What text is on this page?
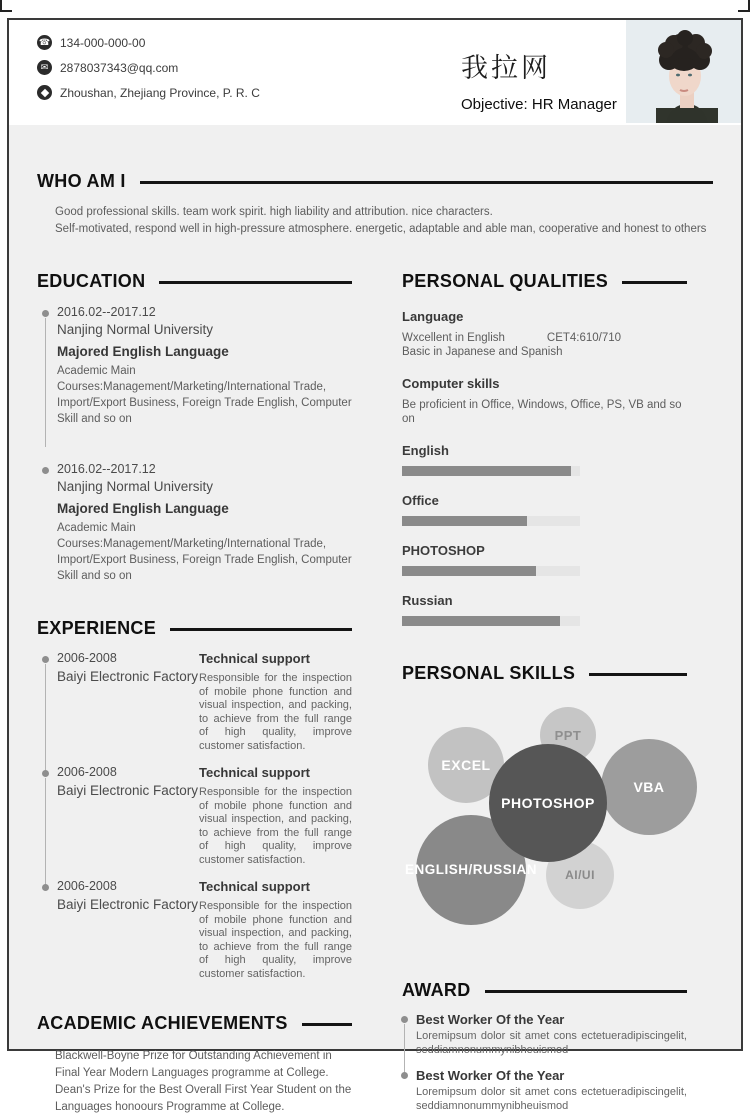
☎ 134-000-000-00
✉ 2878037343@qq.com
Zhoushan, Zhejiang Province, P. R. C
我拉网
Objective: HR Manager
WHO AM I
Good professional skills. team work spirit. high liability and attribution. nice characters.
Self-motivated, respond well in high-pressure atmosphere. energetic, adaptable and able man, cooperative and honest to others
EDUCATION
2016.02--2017.12
Nanjing Normal University
Majored English Language
Academic Main Courses:Management/Marketing/International Trade, Import/Export Business, Foreign Trade English, Computer Skill and so on
2016.02--2017.12
Nanjing Normal University
Majored English Language
Academic Main Courses:Management/Marketing/International Trade, Import/Export Business, Foreign Trade English, Computer Skill and so on
EXPERIENCE
2006-2008
Baiyi Electronic Factory
Technical support
Responsible for the inspection of mobile phone function and visual inspection, and packing, to achieve from the full range of high quality, improve customer satisfaction.
2006-2008
Baiyi Electronic Factory
Technical support
Responsible for the inspection of mobile phone function and visual inspection, and packing, to achieve from the full range of high quality, improve customer satisfaction.
2006-2008
Baiyi Electronic Factory
Technical support
Responsible for the inspection of mobile phone function and visual inspection, and packing, to achieve from the full range of high quality, improve customer satisfaction.
ACADEMIC ACHIEVEMENTS
Blackwell-Boyne Prize for Outstanding Achievement in Final Year Modern Languages programme at College.
Dean's Prize for the Best Overall First Year Student on the Languages honoours Programme at College.
PERSONAL QUALITIES
Language
Wxcellent in English	CET4:610/710
Basic in Japanese and Spanish
Computer skills
Be proficient in Office, Windows, Office, PS, VB and so on
English
Office
PHOTOSHOP
Russian
PERSONAL SKILLS
EXCEL
PPT
VBA
ENGLISH/RUSSIAN	AI/UI
PHOTOSHOP
AWARD
Best Worker Of the Year
Loremipsum dolor sit amet cons ectetueradipiscingelit, seddiamnonummynibheuismod
Best Worker Of the Year
Loremipsum dolor sit amet cons ectetueradipiscingelit, seddiamnonummynibheuismod
